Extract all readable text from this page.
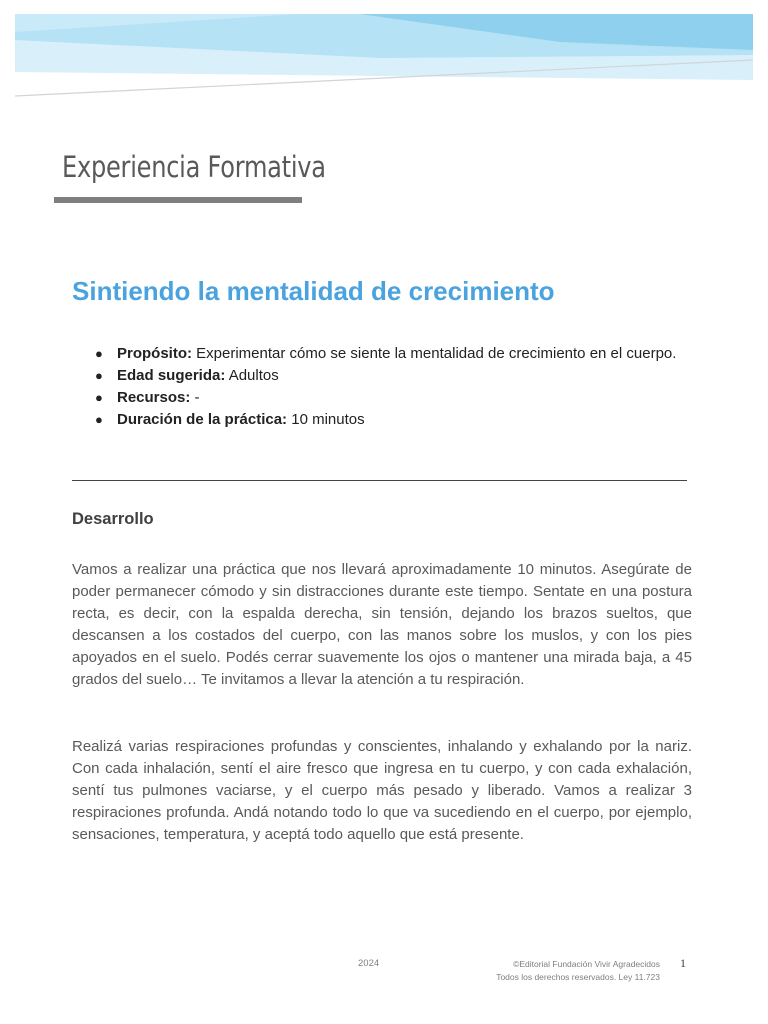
Experiencia Formativa
Sintiendo la mentalidad de crecimiento
● Propósito: Experimentar cómo se siente la mentalidad de crecimiento en el cuerpo.
● Edad sugerida: Adultos
● Recursos: -
● Duración de la práctica: 10 minutos
Desarrollo

Vamos a realizar una práctica que nos llevará aproximadamente 10 minutos. Asegúrate de poder permanecer cómodo y sin distracciones durante este tiempo. Sentate en una postura recta, es decir, con la espalda derecha, sin tensión, dejando los brazos sueltos, que descansen a los costados del cuerpo, con las manos sobre los muslos, y con los pies apoyados en el suelo. Podés cerrar suavemente los ojos o mantener una mirada baja, a 45 grados del suelo… Te invitamos a llevar la atención a tu respiración.

Realizá varias respiraciones profundas y conscientes, inhalando y exhalando por la nariz. Con cada inhalación, sentí el aire fresco que ingresa en tu cuerpo, y con cada exhalación, sentí tus pulmones vaciarse, y el cuerpo más pesado y liberado. Vamos a realizar 3 respiraciones profunda. Andá notando todo lo que va sucediendo en el cuerpo, por ejemplo, sensaciones, temperatura, y aceptá todo aquello que está presente.

2024	©Editorial Fundación Vivir Agradecidos
Todos los derechos reservados. Ley 11.723
1
